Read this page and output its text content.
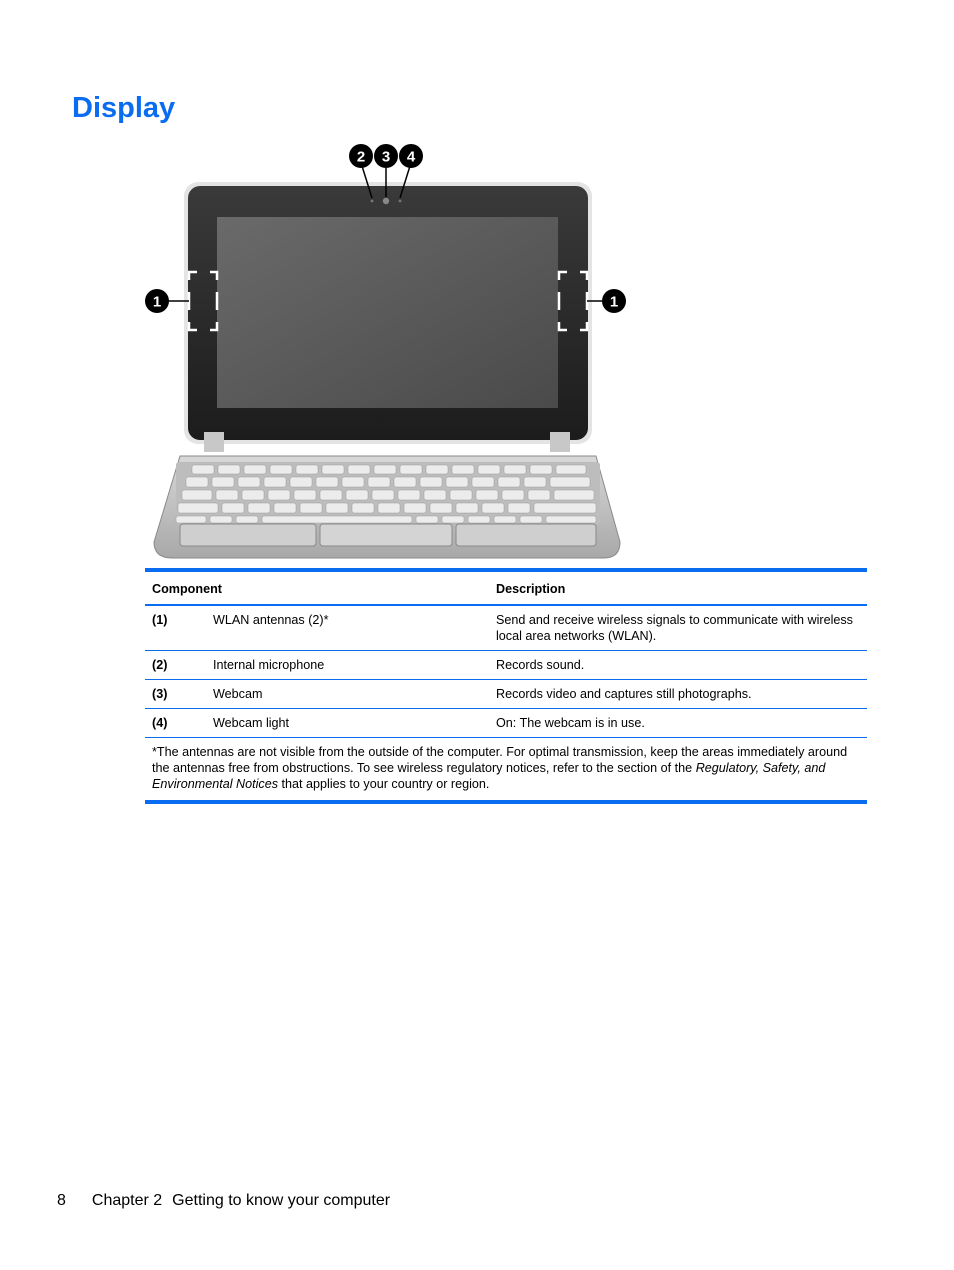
Display
1
2 3 4
1
Component	Description
(1)	WLAN antennas (2)*	Send and receive wireless signals to communicate with wireless local area networks (WLAN).
(2)	Internal microphone	Records sound.
(3)	Webcam	Records video and captures still photographs.
(4)	Webcam light	On: The webcam is in use.
*The antennas are not visible from the outside of the computer. For optimal transmission, keep the areas immediately around the antennas free from obstructions. To see wireless regulatory notices, refer to the section of the Regulatory, Safety, and Environmental Notices that applies to your country or region.
8 Chapter 2 Getting to know your computer
